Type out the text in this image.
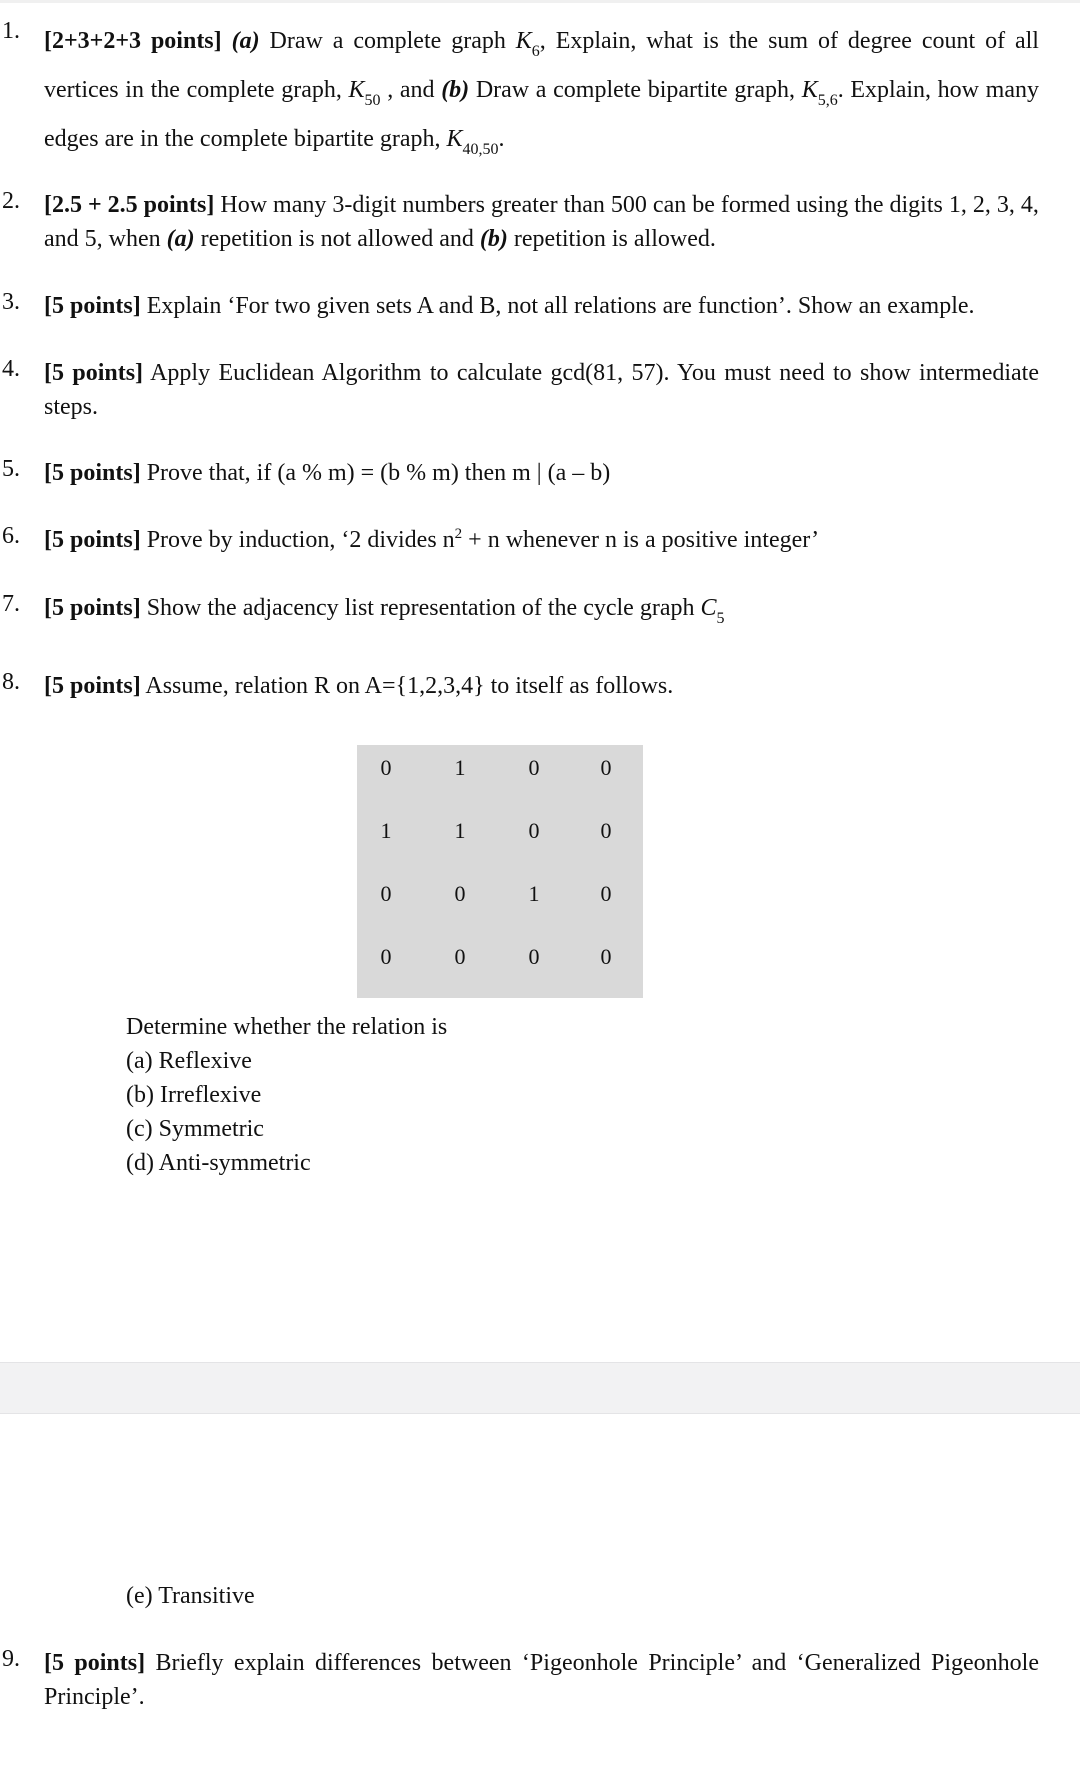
1. [2+3+2+3 points] (a) Draw a complete graph $K_6$, Explain, what is the sum of degree count of all vertices in the complete graph, $K_{50}$ , and (b) Draw a complete bipartite graph, $K_{5,6}$. Explain, how many edges are in the complete bipartite graph, $K_{40,50}$.
2. [2.5 + 2.5 points] How many 3-digit numbers greater than 500 can be formed using the digits 1, 2, 3, 4, and 5, when (a) repetition is not allowed and (b) repetition is allowed.
3. [5 points] Explain ‘For two given sets A and B, not all relations are function’. Show an example.
4. [5 points] Apply Euclidean Algorithm to calculate gcd(81, 57). You must need to show intermediate steps.
5. [5 points] Prove that, if (a % m) = (b % m) then m | (a – b)
6. [5 points] Prove by induction, ‘2 divides $n^2 + n$ whenever n is a positive integer’
7. [5 points] Show the adjacency list representation of the cycle graph $C_5$
8. [5 points] Assume, relation R on A={1,2,3,4} to itself as follows.
0	1	0	0
1	1	0	0
0	0	1	0
0	0	0	0
Determine whether the relation is
(a) Reflexive
(b) Irreflexive
(c) Symmetric
(d) Anti-symmetric
(e) Transitive
9. [5 points] Briefly explain differences between ‘Pigeonhole Principle’ and ‘Generalized Pigeonhole Principle’.
